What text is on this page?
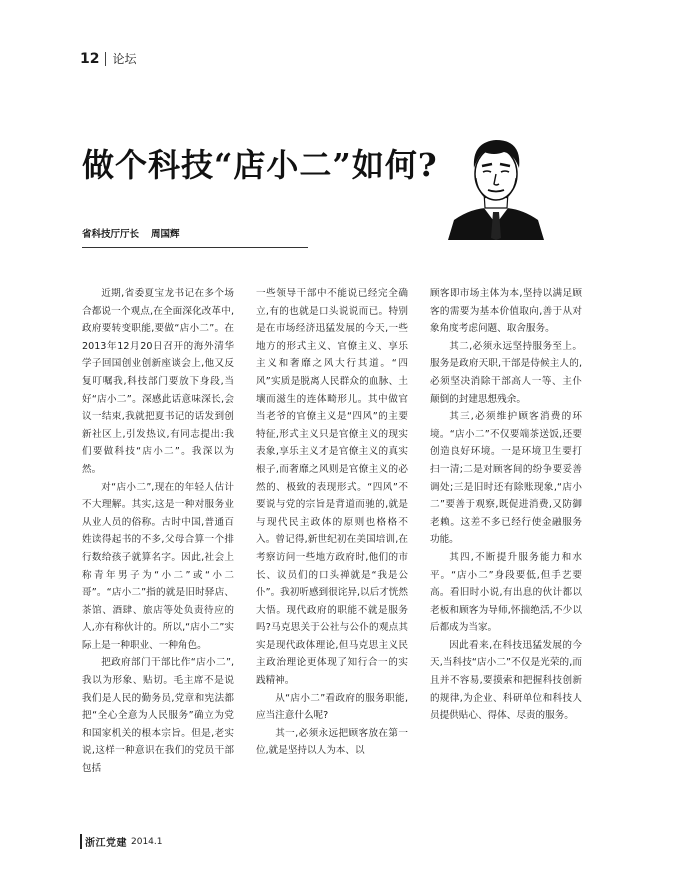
12 论坛
做个科技“店小二”如何?
省科技厅厅长 周国辉

近期,省委夏宝龙书记在多个场合都说一个观点,在全面深化改革中,政府要转变职能,要做“店小二”。在2013年12月20日召开的海外清华学子回国创业创新座谈会上,他又反复叮嘱我,科技部门要放下身段,当好“店小二”。深感此话意味深长,会议一结束,我就把夏书记的话发到创新社区上,引发热议,有同志提出:我们要做科技“店小二”。我深以为然。

对“店小二”,现在的年轻人估计不大理解。其实,这是一种对服务业从业人员的俗称。古时中国,普通百姓读得起书的不多,父母合算一个排行数给孩子就算名字。因此,社会上称青年男子为“小二”或“小二哥”。“店小二”指的就是旧时驿店、茶馆、酒肆、旅店等处负责待应的人,亦有称伙计的。所以,“店小二”实际上是一种职业、一种角色。

把政府部门干部比作“店小二”,我以为形象、贴切。毛主席不是说我们是人民的勤务员,党章和宪法都把“全心全意为人民服务”确立为党和国家机关的根本宗旨。但是,老实说,这样一种意识在我们的党员干部包括

一些领导干部中不能说已经完全确立,有的也就是口头说说而已。特别是在市场经济迅猛发展的今天,一些地方的形式主义、官僚主义、享乐主义和奢靡之风大行其道。“四风”实质是脱离人民群众的血脉、土壤而滋生的连体畸形儿。其中做官当老爷的官僚主义是“四风”的主要特征,形式主义只是官僚主义的现实表象,享乐主义才是官僚主义的真实根子,而奢靡之风则是官僚主义的必然的、极致的表现形式。“四风”不要说与党的宗旨是背道而驰的,就是与现代民主政体的原则也格格不入。曾记得,新世纪初在美国培训,在考察访问一些地方政府时,他们的市长、议员们的口头禅就是“我是公仆”。我初听感到很诧异,以后才恍然大悟。现代政府的职能不就是服务吗?马克思关于公社与公仆的观点其实是现代政体理论,但马克思主义民主政治理论更体现了知行合一的实践精神。

从“店小二”看政府的服务职能,应当注意什么呢?

其一,必须永远把顾客放在第一位,就是坚持以人为本、以

顾客即市场主体为本,坚持以满足顾客的需要为基本价值取向,善于从对象角度考虑问题、取舍服务。

其二,必须永远坚持服务至上。服务是政府天职,干部是侍候主人的,必须坚决消除干部高人一等、主仆颠倒的封建思想残余。

其三,必须维护顾客消费的环境。“店小二”不仅要端茶送饭,还要创造良好环境。一是环境卫生要打扫一清;二是对顾客间的纷争要妥善调处;三是旧时还有除账现象,“店小二”要善于观察,既促进消费,又防御老赖。这差不多已经行使金融服务功能。

其四,不断提升服务能力和水平。“店小二”身段要低,但手艺要高。看旧时小说,有出息的伙计都以老板和顾客为导师,怀揣绝活,不少以后都成为当家。

因此看来,在科技迅猛发展的今天,当科技“店小二”不仅是光荣的,而且并不容易,要摸索和把握科技创新的规律,为企业、科研单位和科技人员提供贴心、得体、尽责的服务。

浙江党建 2014.1
